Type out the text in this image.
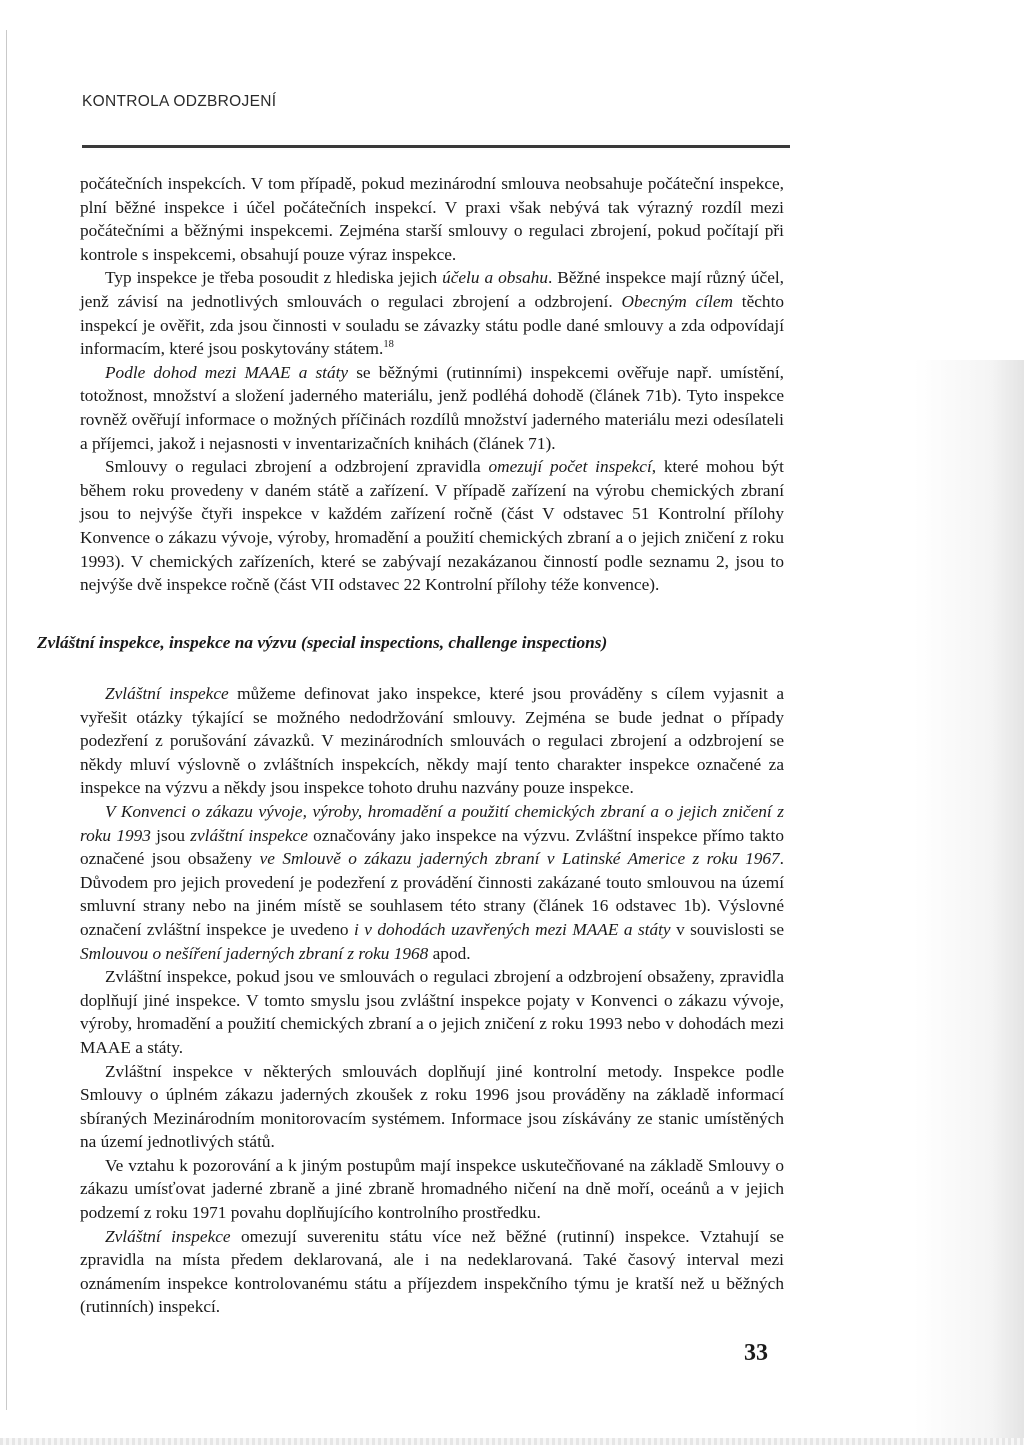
KONTROLA ODZBROJENÍ

počátečních inspekcích. V tom případě, pokud mezinárodní smlouva neobsahuje počáteční inspekce, plní běžné inspekce i účel počátečních inspekcí. V praxi však nebývá tak výrazný rozdíl mezi počátečními a běžnými inspekcemi. Zejména starší smlouvy o regulaci zbrojení, pokud počítají při kontrole s inspekcemi, obsahují pouze výraz inspekce.

Typ inspekce je třeba posoudit z hlediska jejich účelu a obsahu. Běžné inspekce mají různý účel, jenž závisí na jednotlivých smlouvách o regulaci zbrojení a odzbrojení. Obecným cílem těchto inspekcí je ověřit, zda jsou činnosti v souladu se závazky státu podle dané smlouvy a zda odpovídají informacím, které jsou poskytovány státem.$^{18}$

Podle dohod mezi MAAE a státy se běžnými (rutinními) inspekcemi ověřuje např. umístění, totožnost, množství a složení jaderného materiálu, jenž podléhá dohodě (článek 71b). Tyto inspekce rovněž ověřují informace o možných příčinách rozdílů množství jaderného materiálu mezi odesílateli a příjemci, jakož i nejasnosti v inventarizačních knihách (článek 71).

Smlouvy o regulaci zbrojení a odzbrojení zpravidla omezují počet inspekcí, které mohou být během roku provedeny v daném státě a zařízení. V případě zařízení na výrobu chemických zbraní jsou to nejvýše čtyři inspekce v každém zařízení ročně (část V odstavec 51 Kontrolní přílohy Konvence o zákazu vývoje, výroby, hromadění a použití chemických zbraní a o jejich zničení z roku 1993). V chemických zařízeních, které se zabývají nezakázanou činností podle seznamu 2, jsou to nejvýše dvě inspekce ročně (část VII odstavec 22 Kontrolní přílohy téže konvence).

Zvláštní inspekce, inspekce na výzvu (special inspections, challenge inspections)

Zvláštní inspekce můžeme definovat jako inspekce, které jsou prováděny s cílem vyjasnit a vyřešit otázky týkající se možného nedodržování smlouvy. Zejména se bude jednat o případy podezření z porušování závazků. V mezinárodních smlouvách o regulaci zbrojení a odzbrojení se někdy mluví výslovně o zvláštních inspekcích, někdy mají tento charakter inspekce označené za inspekce na výzvu a někdy jsou inspekce tohoto druhu nazvány pouze inspekce.

V Konvenci o zákazu vývoje, výroby, hromadění a použití chemických zbraní a o jejich zničení z roku 1993 jsou zvláštní inspekce označovány jako inspekce na výzvu. Zvláštní inspekce přímo takto označené jsou obsaženy ve Smlouvě o zákazu jaderných zbraní v Latinské Americe z roku 1967. Důvodem pro jejich provedení je podezření z provádění činnosti zakázané touto smlouvou na území smluvní strany nebo na jiném místě se souhlasem této strany (článek 16 odstavec 1b). Výslovné označení zvláštní inspekce je uvedeno i v dohodách uzavřených mezi MAAE a státy v souvislosti se Smlouvou o nešíření jaderných zbraní z roku 1968 apod.

Zvláštní inspekce, pokud jsou ve smlouvách o regulaci zbrojení a odzbrojení obsaženy, zpravidla doplňují jiné inspekce. V tomto smyslu jsou zvláštní inspekce pojaty v Konvenci o zákazu vývoje, výroby, hromadění a použití chemických zbraní a o jejich zničení z roku 1993 nebo v dohodách mezi MAAE a státy.

Zvláštní inspekce v některých smlouvách doplňují jiné kontrolní metody. Inspekce podle Smlouvy o úplném zákazu jaderných zkoušek z roku 1996 jsou prováděny na základě informací sbíraných Mezinárodním monitorovacím systémem. Informace jsou získávány ze stanic umístěných na území jednotlivých států.

Ve vztahu k pozorování a k jiným postupům mají inspekce uskutečňované na základě Smlouvy o zákazu umísťovat jaderné zbraně a jiné zbraně hromadného ničení na dně moří, oceánů a v jejich podzemí z roku 1971 povahu doplňujícího kontrolního prostředku.

Zvláštní inspekce omezují suverenitu státu více než běžné (rutinní) inspekce. Vztahují se zpravidla na místa předem deklarovaná, ale i na nedeklarovaná. Také časový interval mezi oznámením inspekce kontrolovanému státu a příjezdem inspekčního týmu je kratší než u běžných (rutinních) inspekcí.

33
